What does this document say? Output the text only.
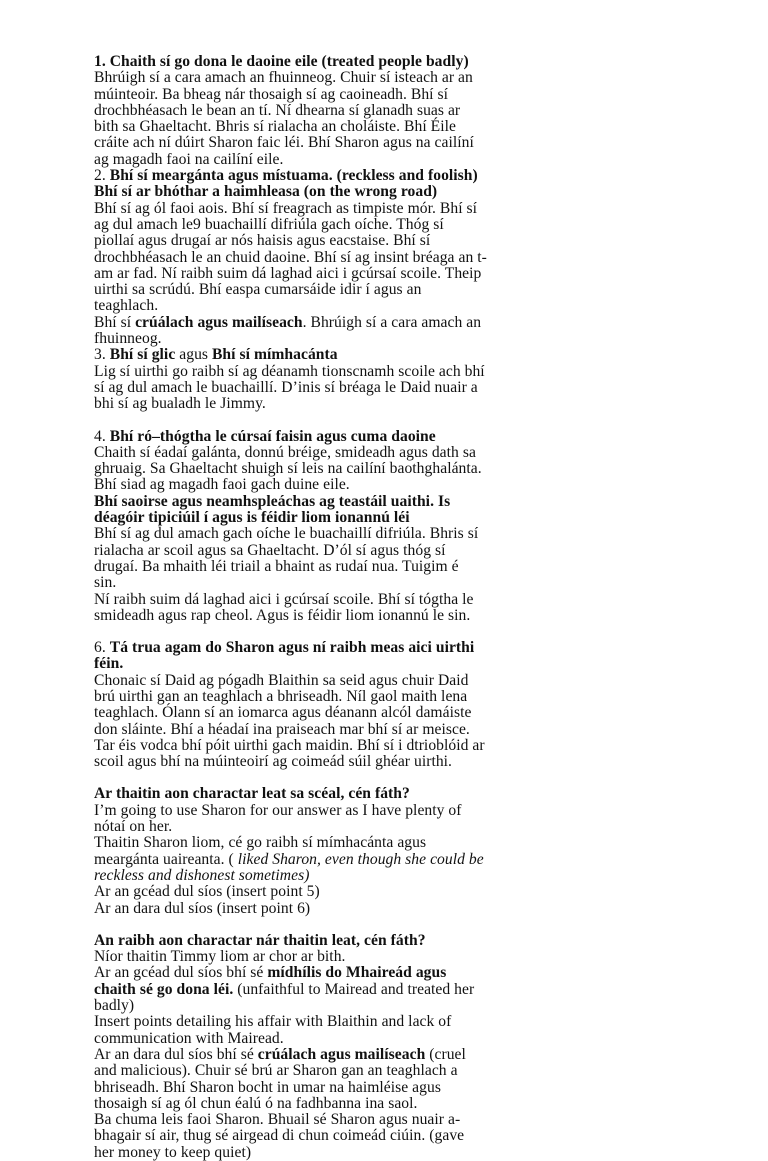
1. Chaith sí go dona le daoine eile (treated people badly)
Bhrúigh sí a cara amach an fhuinneog. Chuir sí isteach ar an
múinteoir. Ba bheag nár thosaigh sí ag caoineadh. Bhí sí
drochbhéasach le bean an tí. Ní dhearna sí glanadh suas ar
bith sa Ghaeltacht. Bhris sí rialacha an choláiste. Bhí Éile
cráite ach ní dúirt Sharon faic léi. Bhí Sharon agus na cailíní
ag magadh faoi na cailíní eile.
2. Bhí sí meargánta agus místuama. (reckless and foolish)
Bhí sí ar bhóthar a haimhleasa (on the wrong road)
Bhí sí ag ól faoi aois. Bhí sí freagrach as timpiste mór. Bhí sí
ag dul amach le9 buachaillí difriúla gach oíche. Thóg sí
piollaí agus drugaí ar nós haisis agus eacstaise. Bhí sí
drochbhéasach le an chuid daoine. Bhí sí ag insint bréaga an t-
am ar fad. Ní raibh suim dá laghad aici i gcúrsaí scoile. Theip
uirthi sa scrúdú. Bhí easpa cumarsáide idir í agus an
teaghlach.
Bhí sí crúálach agus mailíseach. Bhrúigh sí a cara amach an
fhuinneog.
3. Bhí sí glic agus Bhí sí mímhacánta
Lig sí uirthi go raibh sí ag déanamh tionscnamh scoile ach bhí
sí ag dul amach le buachaillí. D’inis sí bréaga le Daid nuair a
bhi sí ag bualadh le Jimmy.
4. Bhí ró–thógtha le cúrsaí faisin agus cuma daoine
Chaith sí éadaí galánta, donnú bréige, smideadh agus dath sa
ghruaig. Sa Ghaeltacht shuigh sí leis na cailíní baothghalánta.
Bhí siad ag magadh faoi gach duine eile.
Bhí saoirse agus neamhspleáchas ag teastáil uaithi. Is
déagóir tipiciúil í agus is féidir liom ionannú léi
Bhí sí ag dul amach gach oíche le buachaillí difriúla. Bhris sí
rialacha ar scoil agus sa Ghaeltacht. D’ól sí agus thóg sí
drugaí. Ba mhaith léi triail a bhaint as rudaí nua. Tuigim é
sin.
Ní raibh suim dá laghad aici i gcúrsaí scoile. Bhí sí tógtha le
smideadh agus rap cheol. Agus is féidir liom ionannú le sin.
6. Tá trua agam do Sharon agus ní raibh meas aici uirthi
féin.
Chonaic sí Daid ag pógadh Blaithin sa seid agus chuir Daid
brú uirthi gan an teaghlach a bhriseadh. Níl gaol maith lena
teaghlach. Ólann sí an iomarca agus déanann alcól damáiste
don sláinte. Bhí a héadaí ina praiseach mar bhí sí ar meisce.
Tar éis vodca bhí póit uirthi gach maidin. Bhí sí i dtrioblóid ar
scoil agus bhí na múinteoirí ag coimeád súil ghéar uirthi.
Ar thaitin aon charactar leat sa scéal, cén fáth?
I’m going to use Sharon for our answer as I have plenty of
nótaí on her.
Thaitin Sharon liom, cé go raibh sí mímhacánta agus
meargánta uaireanta. ( liked Sharon, even though she could be
reckless and dishonest sometimes)
Ar an gcéad dul síos (insert point 5)
Ar an dara dul síos (insert point 6)
An raibh aon charactar nár thaitin leat, cén fáth?
Níor thaitin Timmy liom ar chor ar bith.
Ar an gcéad dul síos bhí sé mídhílis do Mhaireád agus
chaith sé go dona léi. (unfaithful to Mairead and treated her
badly)
Insert points detailing his affair with Blaithin and lack of
communication with Mairead.
Ar an dara dul síos bhí sé crúálach agus mailíseach (cruel
and malicious). Chuir sé brú ar Sharon gan an teaghlach a
bhriseadh. Bhí Sharon bocht in umar na haimléise agus
thosaigh sí ag ól chun éalú ó na fadhbanna ina saol.
Ba chuma leis faoi Sharon. Bhuail sé Sharon agus nuair a-
bhagair sí air, thug sé airgead di chun coimeád ciúin. (gave
her money to keep quiet)
